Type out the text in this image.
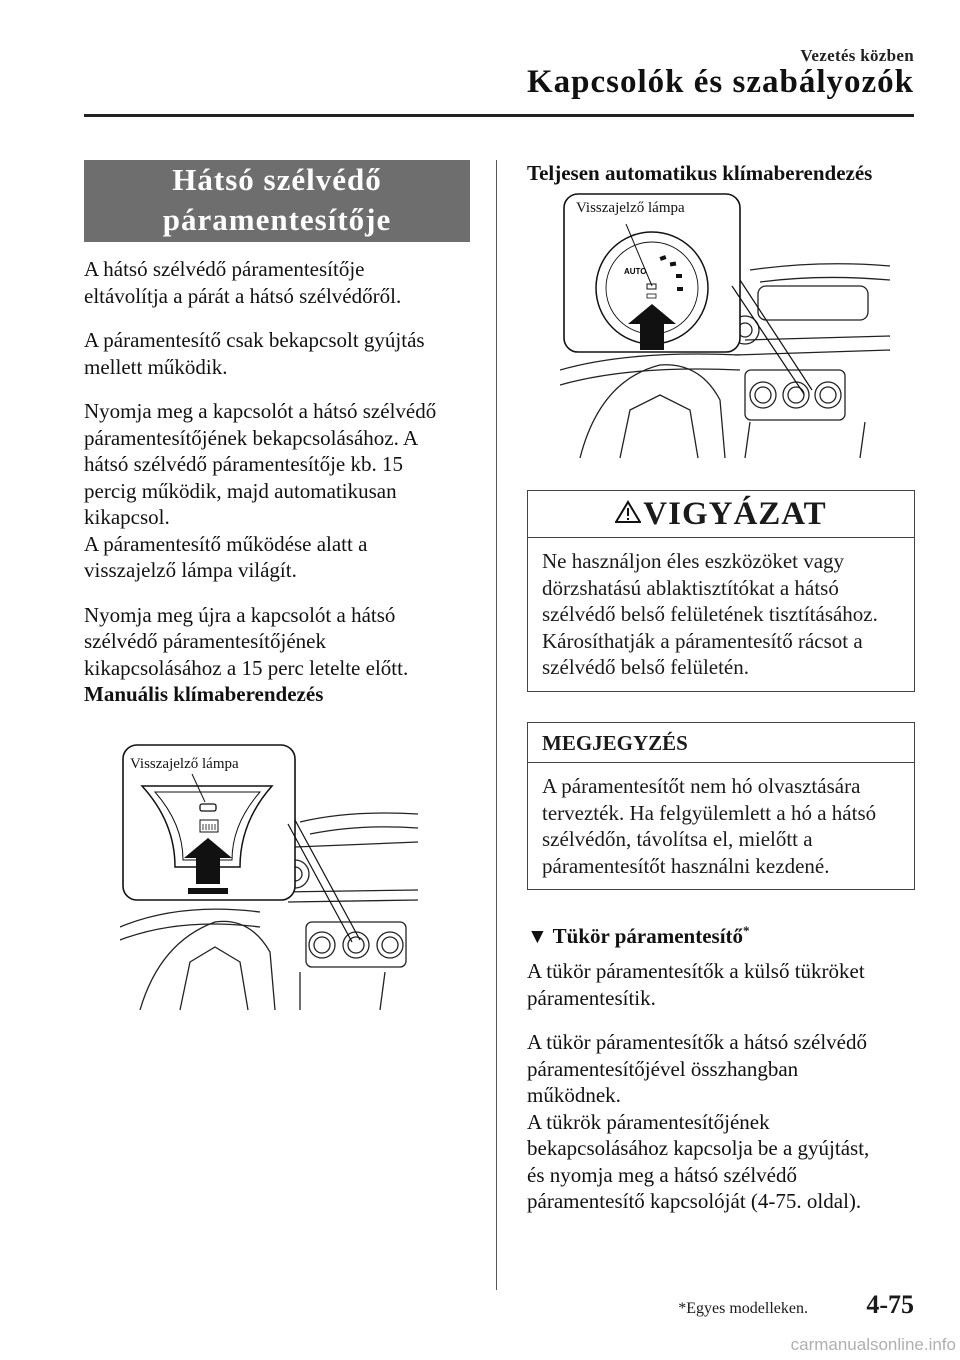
Vezetés közben
Kapcsolók és szabályozók
Hátsó szélvédő
páramentesítője
A hátsó szélvédő páramentesítője
eltávolítja a párát a hátsó szélvédőről.
A páramentesítő csak bekapcsolt gyújtás
mellett működik.
Nyomja meg a kapcsolót a hátsó szélvédő
páramentesítőjének bekapcsolásához. A
hátsó szélvédő páramentesítője kb. 15
percig működik, majd automatikusan
kikapcsol.
A páramentesítő működése alatt a
visszajelző lámpa világít.
Nyomja meg újra a kapcsolót a hátsó
szélvédő páramentesítőjének
kikapcsolásához a 15 perc letelte előtt.
Manuális klímaberendezés
Visszajelző lámpa
Teljesen automatikus klímaberendezés
AUTO
Visszajelző lámpa
VIGYÁZAT
Ne használjon éles eszközöket vagy
dörzshatású ablaktisztítókat a hátsó
szélvédő belső felületének tisztításához.
Károsíthatják a páramentesítő rácsot a
szélvédő belső felületén.
MEGJEGYZÉS
A páramentesítőt nem hó olvasztására
tervezték. Ha felgyülemlett a hó a hátsó
szélvédőn, távolítsa el, mielőtt a
páramentesítőt használni kezdené.
▼ Tükör páramentesítő*
A tükör páramentesítők a külső tükröket
páramentesítik.
A tükör páramentesítők a hátsó szélvédő
páramentesítőjével összhangban
működnek.
A tükrök páramentesítőjének
bekapcsolásához kapcsolja be a gyújtást,
és nyomja meg a hátsó szélvédő
páramentesítő kapcsolóját (4-75. oldal).
*Egyes modelleken. 4-75
carmanualsonline.info
